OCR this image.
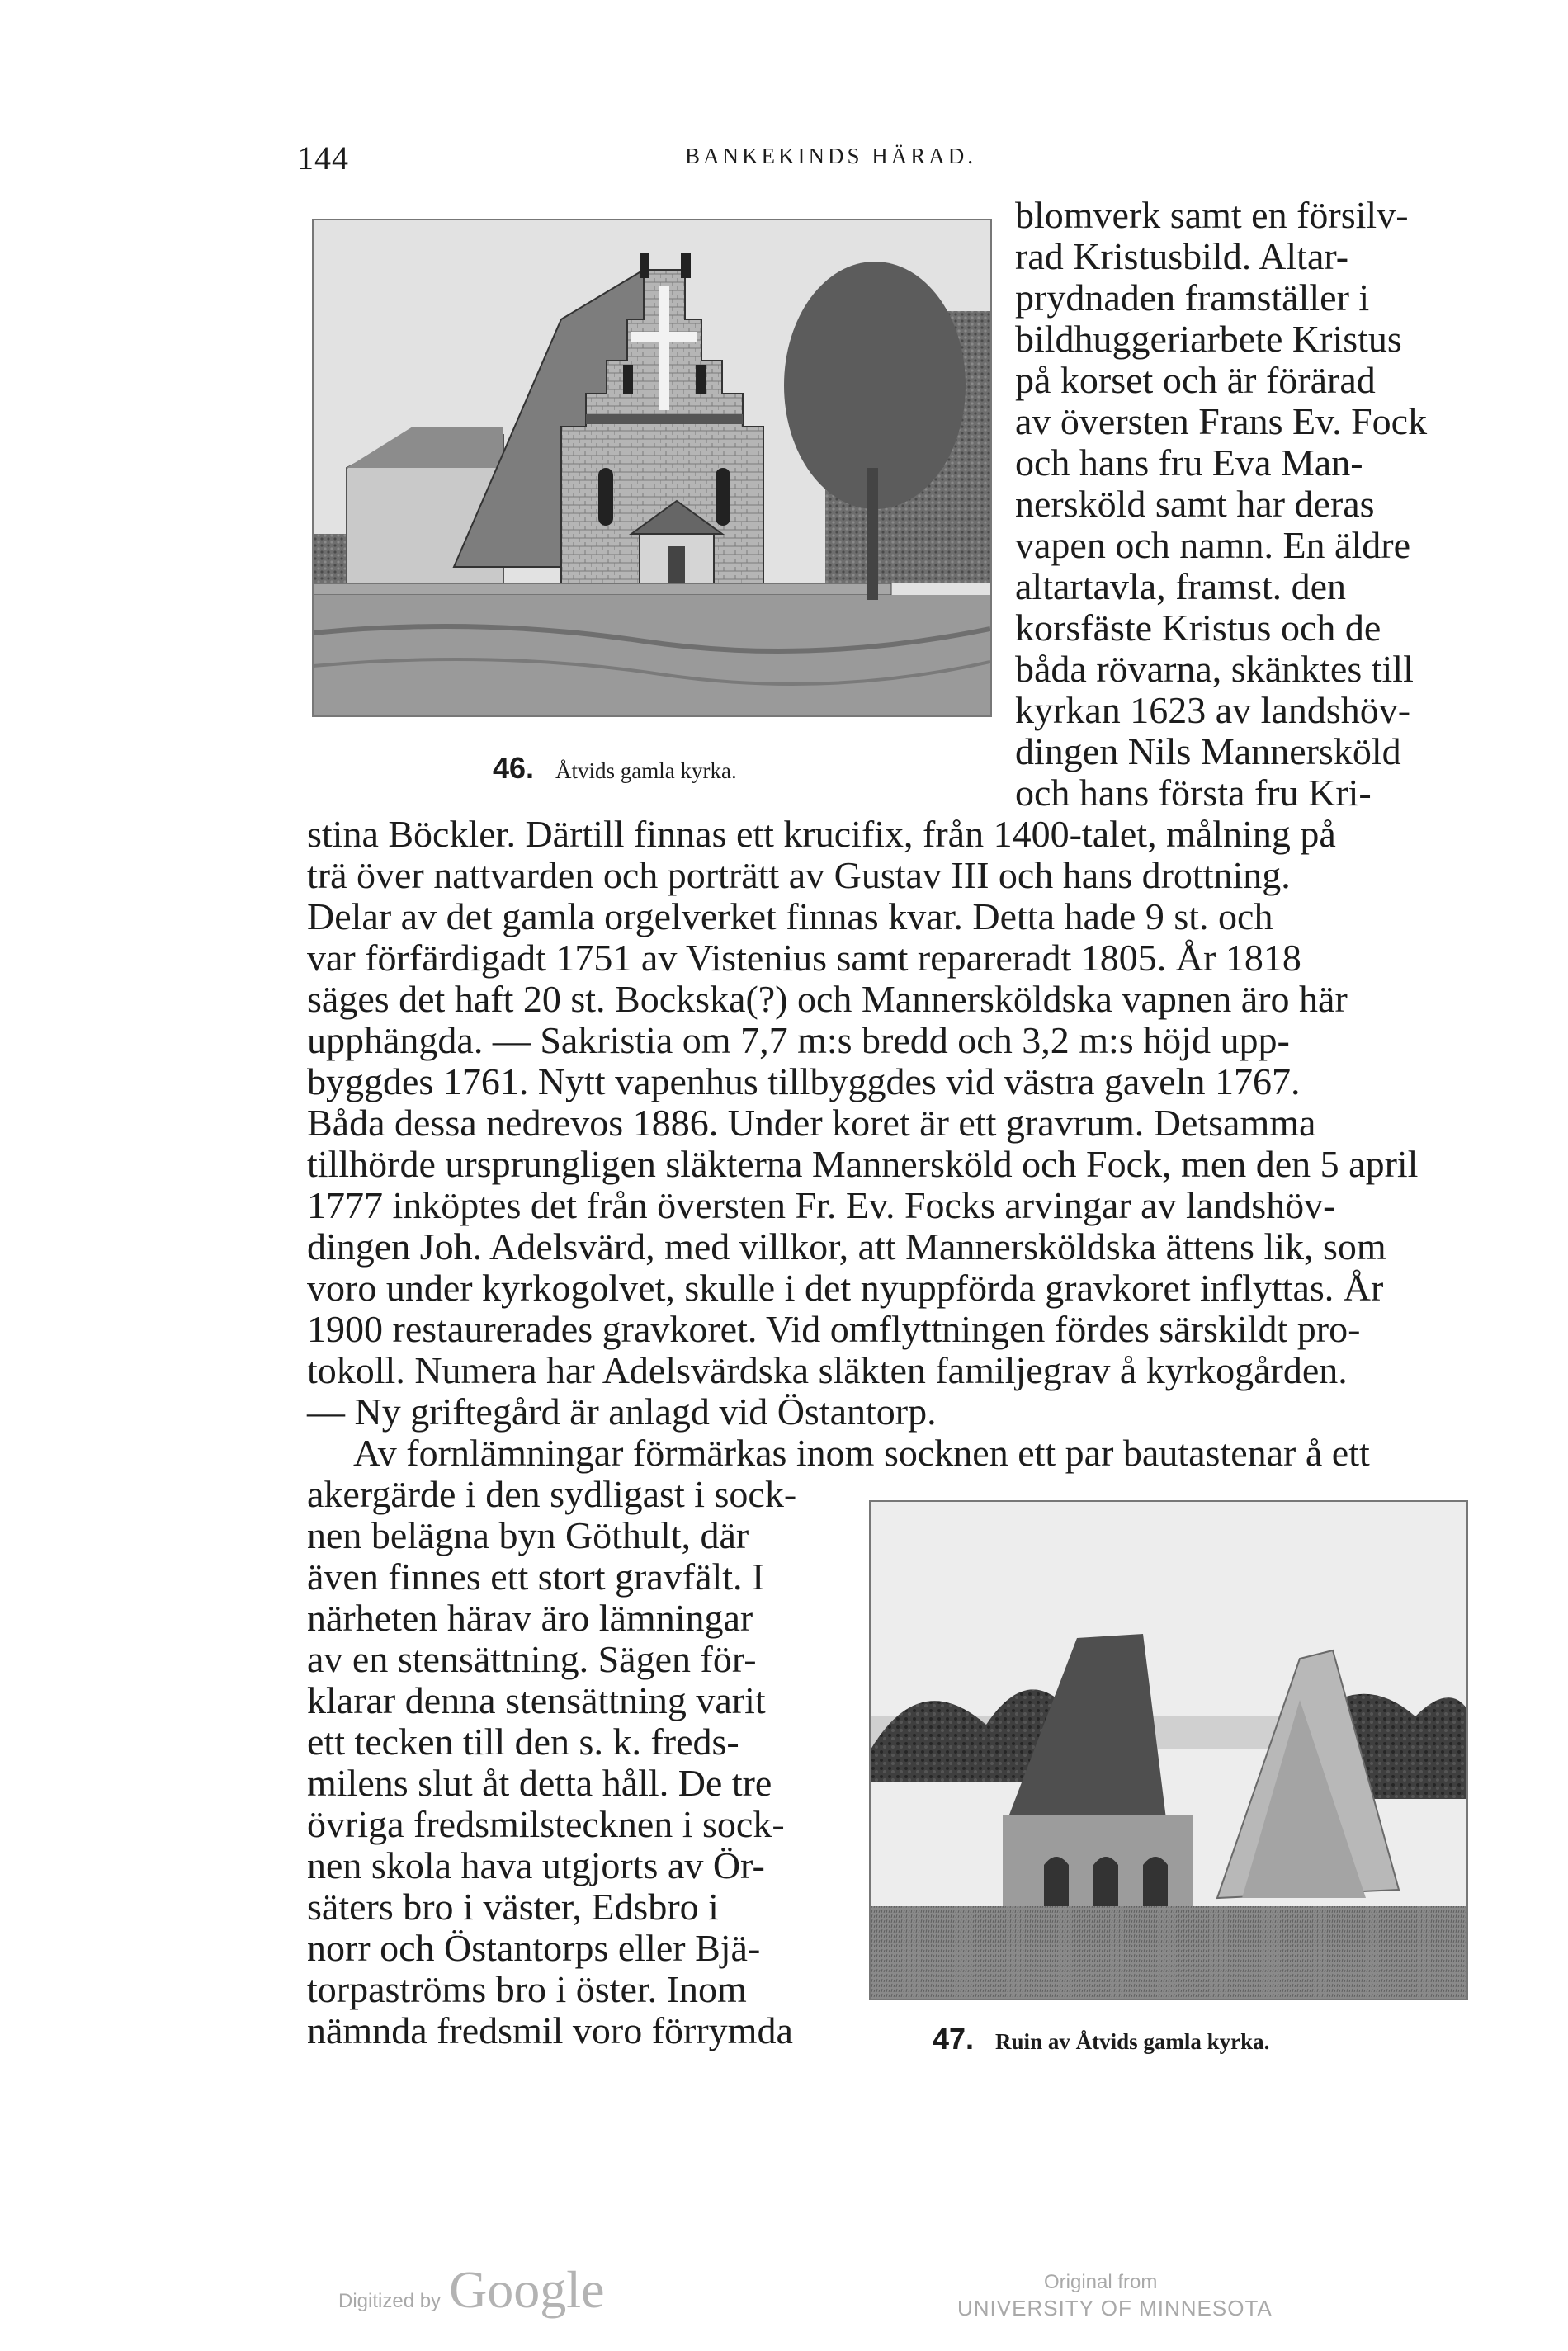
144	BANKEKINDS HÄRAD.
46. Åtvids gamla kyrka.
blomverk samt en försilv-
rad Kristusbild. Altar-
prydnaden framställer i
bildhuggeriarbete Kristus
på korset och är förärad
av översten Frans Ev. Fock
och hans fru Eva Man-
nersköld samt har deras
vapen och namn. En äldre
altartavla, framst. den
korsfäste Kristus och de
båda rövarna, skänktes till
kyrkan 1623 av landshöv-
dingen Nils Mannersköld
och hans första fru Kri-
stina Böckler. Därtill finnas ett krucifix, från 1400-talet, målning på
trä över nattvarden och porträtt av Gustav III och hans drottning.
Delar av det gamla orgelverket finnas kvar. Detta hade 9 st. och
var förfärdigadt 1751 av Vistenius samt repareradt 1805. År 1818
säges det haft 20 st. Bockska(?) och Mannersköldska vapnen äro här
upphängda. — Sakristia om 7,7 m:s bredd och 3,2 m:s höjd upp-
byggdes 1761. Nytt vapenhus tillbyggdes vid västra gaveln 1767.
Båda dessa nedrevos 1886. Under koret är ett gravrum. Detsamma
tillhörde ursprungligen släkterna Mannersköld och Fock, men den 5 april
1777 inköptes det från översten Fr. Ev. Focks arvingar av landshöv-
dingen Joh. Adelsvärd, med villkor, att Mannersköldska ättens lik, som
voro under kyrkogolvet, skulle i det nyuppförda gravkoret inflyttas. År
1900 restaurerades gravkoret. Vid omflyttningen fördes särskildt pro-
tokoll. Numera har Adelsvärdska släkten familjegrav å kyrkogården.
— Ny griftegård är anlagd vid Östantorp.
Av fornlämningar förmärkas inom socknen ett par bautastenar å ett
akergärde i den sydligast i sock-
nen belägna byn Göthult, där
även finnes ett stort gravfält. I
närheten härav äro lämningar
av en stensättning. Sägen för-
klarar denna stensättning varit
ett tecken till den s. k. freds-
milens slut åt detta håll. De tre
övriga fredsmilstecknen i sock-
nen skola hava utgjorts av Ör-
säters bro i väster, Edsbro i
norr och Östantorps eller Bjä-
torpaströms bro i öster. Inom
nämnda fredsmil voro förrymda	47. Ruin av Åtvids gamla kyrka.
Digitized by Google	Original from
UNIVERSITY OF MINNESOTA
